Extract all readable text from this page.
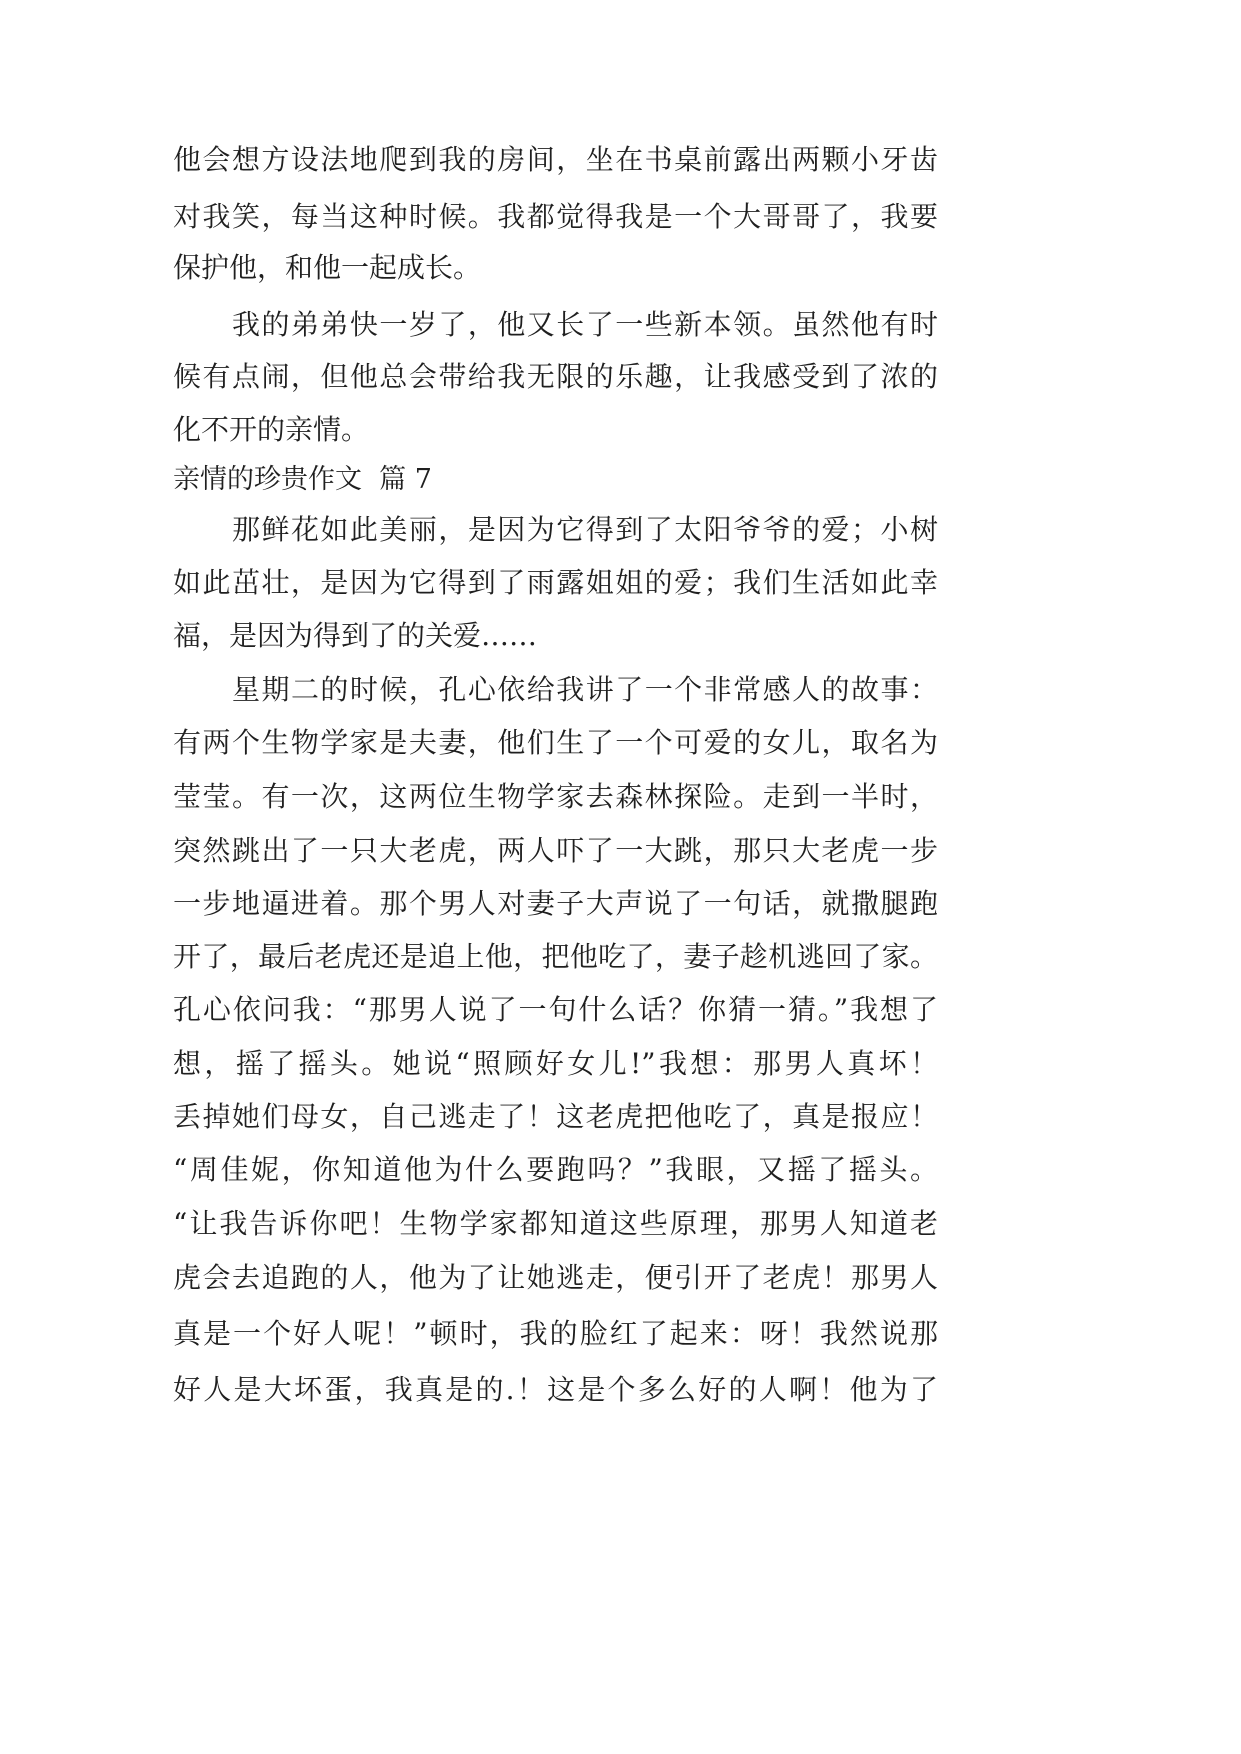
他会想方设法地爬到我的房间，坐在书桌前露出两颗小牙齿
对我笑，每当这种时候。我都觉得我是一个大哥哥了，我要
保护他，和他一起成长。
我的弟弟快一岁了，他又长了一些新本领。虽然他有时
候有点闹，但他总会带给我无限的乐趣，让我感受到了浓的
化不开的亲情。
亲情的珍贵作文  篇 7
那鲜花如此美丽，是因为它得到了太阳爷爷的爱；小树
如此茁壮，是因为它得到了雨露姐姐的爱；我们生活如此幸
福，是因为得到了的关爱……
星期二的时候，孔心依给我讲了一个非常感人的故事：
有两个生物学家是夫妻，他们生了一个可爱的女儿，取名为
莹莹。有一次，这两位生物学家去森林探险。走到一半时，
突然跳出了一只大老虎，两人吓了一大跳，那只大老虎一步
一步地逼进着。那个男人对妻子大声说了一句话，就撒腿跑
开了，最后老虎还是追上他，把他吃了，妻子趁机逃回了家。
孔心依问我：“那男人说了一句什么话？你猜一猜。”我想了
想，摇了摇头。她说“照顾好女儿!”我想：那男人真坏！
丢掉她们母女，自己逃走了！这老虎把他吃了，真是报应！
“周佳妮，你知道他为什么要跑吗？”我眼，又摇了摇头。
“让我告诉你吧！生物学家都知道这些原理，那男人知道老
虎会去追跑的人，他为了让她逃走，便引开了老虎！那男人
真是一个好人呢！”顿时，我的脸红了起来：呀！我然说那
好人是大坏蛋，我真是的.！这是个多么好的人啊！他为了
